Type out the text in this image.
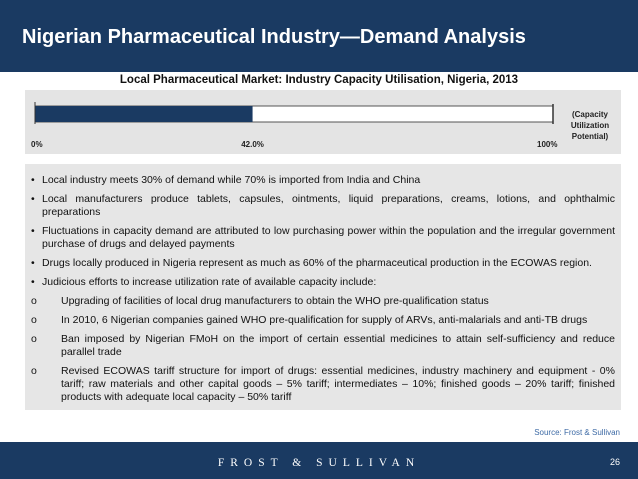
Nigerian Pharmaceutical Industry—Demand Analysis
Local Pharmaceutical Market: Industry Capacity Utilisation, Nigeria, 2013
0%	100%
42.0%
(Capacity Utilization Potential)
• Local industry meets 30% of demand while 70% is imported from India and China
• Local manufacturers produce tablets, capsules, ointments, liquid preparations, creams, lotions, and ophthalmic preparations
• Fluctuations in capacity demand are attributed to low purchasing power within the population and the irregular government purchase of drugs and delayed payments
• Drugs locally produced in Nigeria represent as much as 60% of the pharmaceutical production in the ECOWAS region.
• Judicious efforts to increase utilization rate of available capacity include:
o Upgrading of facilities of local drug manufacturers to obtain the WHO pre-qualification status
o In 2010, 6 Nigerian companies gained WHO pre-qualification for supply of ARVs, anti-malarials and anti-TB drugs
o Ban imposed by Nigerian FMoH on the import of certain essential medicines to attain self-sufficiency and reduce parallel trade
o Revised ECOWAS tariff structure for import of drugs: essential medicines, industry machinery and equipment - 0% tariff; raw materials and other capital goods – 5% tariff; intermediates – 10%; finished goods – 20% tariff; finished products with adequate local capacity – 50% tariff
Source: Frost & Sullivan
FROST & SULLIVAN	26
